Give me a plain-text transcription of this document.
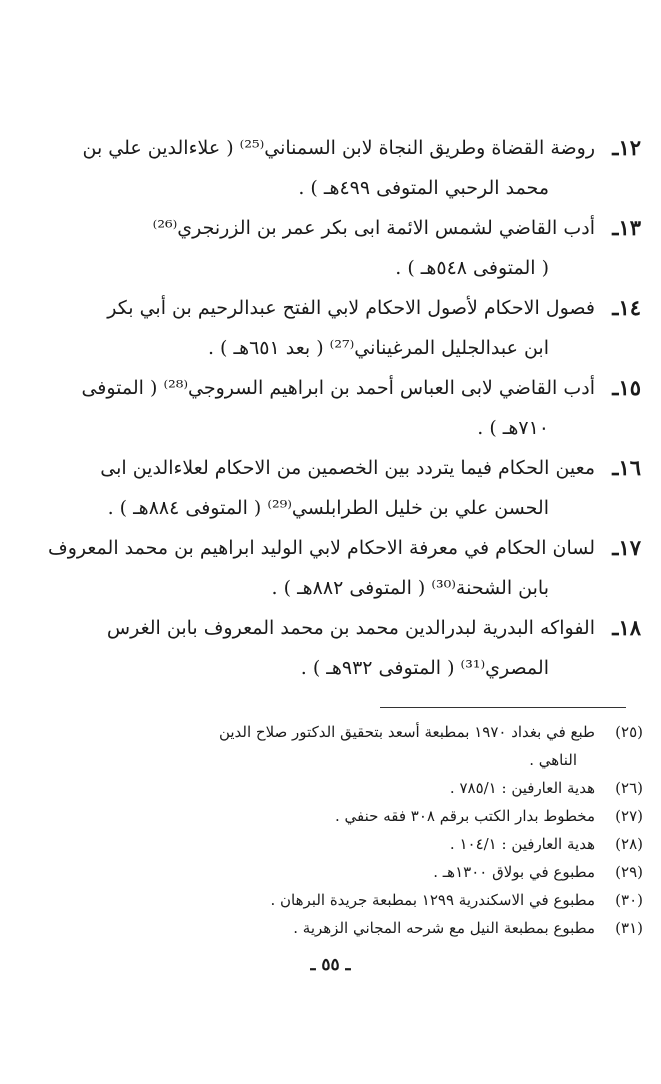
١٢ـ
روضة القضاة وطريق النجاة لابن السمناني⁽²⁵⁾ ( علاءالدين علي بن
محمد الرحبي المتوفى ٤٩٩هـ ) .
١٣ـ
أدب القاضي لشمس الائمة ابى بكر عمر بن الزرنجري⁽²⁶⁾
( المتوفى ٥٤٨هـ ) .
١٤ـ
فصول الاحكام لأصول الاحكام لابي الفتح عبدالرحيم بن أبي بكر
ابن عبدالجليل المرغيناني⁽²⁷⁾ ( بعد ٦٥١هـ ) .
١٥ـ
أدب القاضي لابى العباس أحمد بن ابراهيم السروجي⁽²⁸⁾ ( المتوفى
٧١٠هـ ) .
١٦ـ
معين الحكام فيما يتردد بين الخصمين من الاحكام لعلاءالدين ابى
الحسن علي بن خليل الطرابلسي⁽²⁹⁾ ( المتوفى ٨٨٤هـ ) .
١٧ـ
لسان الحكام في معرفة الاحكام لابي الوليد ابراهيم بن محمد المعروف
بابن الشحنة⁽³⁰⁾ ( المتوفى ٨٨٢هـ ) .
١٨ـ
الفواكه البدرية لبدرالدين محمد بن محمد المعروف بابن الغرس
المصري⁽³¹⁾ ( المتوفى ٩٣٢هـ ) .
(٢٥)
طبع في بغداد ١٩٧٠ بمطبعة أسعد بتحقيق الدكتور صلاح الدين
الناهي .
(٢٦)
هدية العارفين : ٧٨٥/١ .
(٢٧)
مخطوط بدار الكتب برقم ٣٠٨ فقه حنفي .
(٢٨)
هدية العارفين : ١٠٤/١ .
(٢٩)
مطبوع في بولاق ١٣٠٠هـ .
(٣٠)
مطبوع في الاسكندرية ١٢٩٩ بمطبعة جريدة البرهان .
(٣١)
مطبوع بمطبعة النيل مع شرحه المجاني الزهرية .
ـ ٥٥ ـ
